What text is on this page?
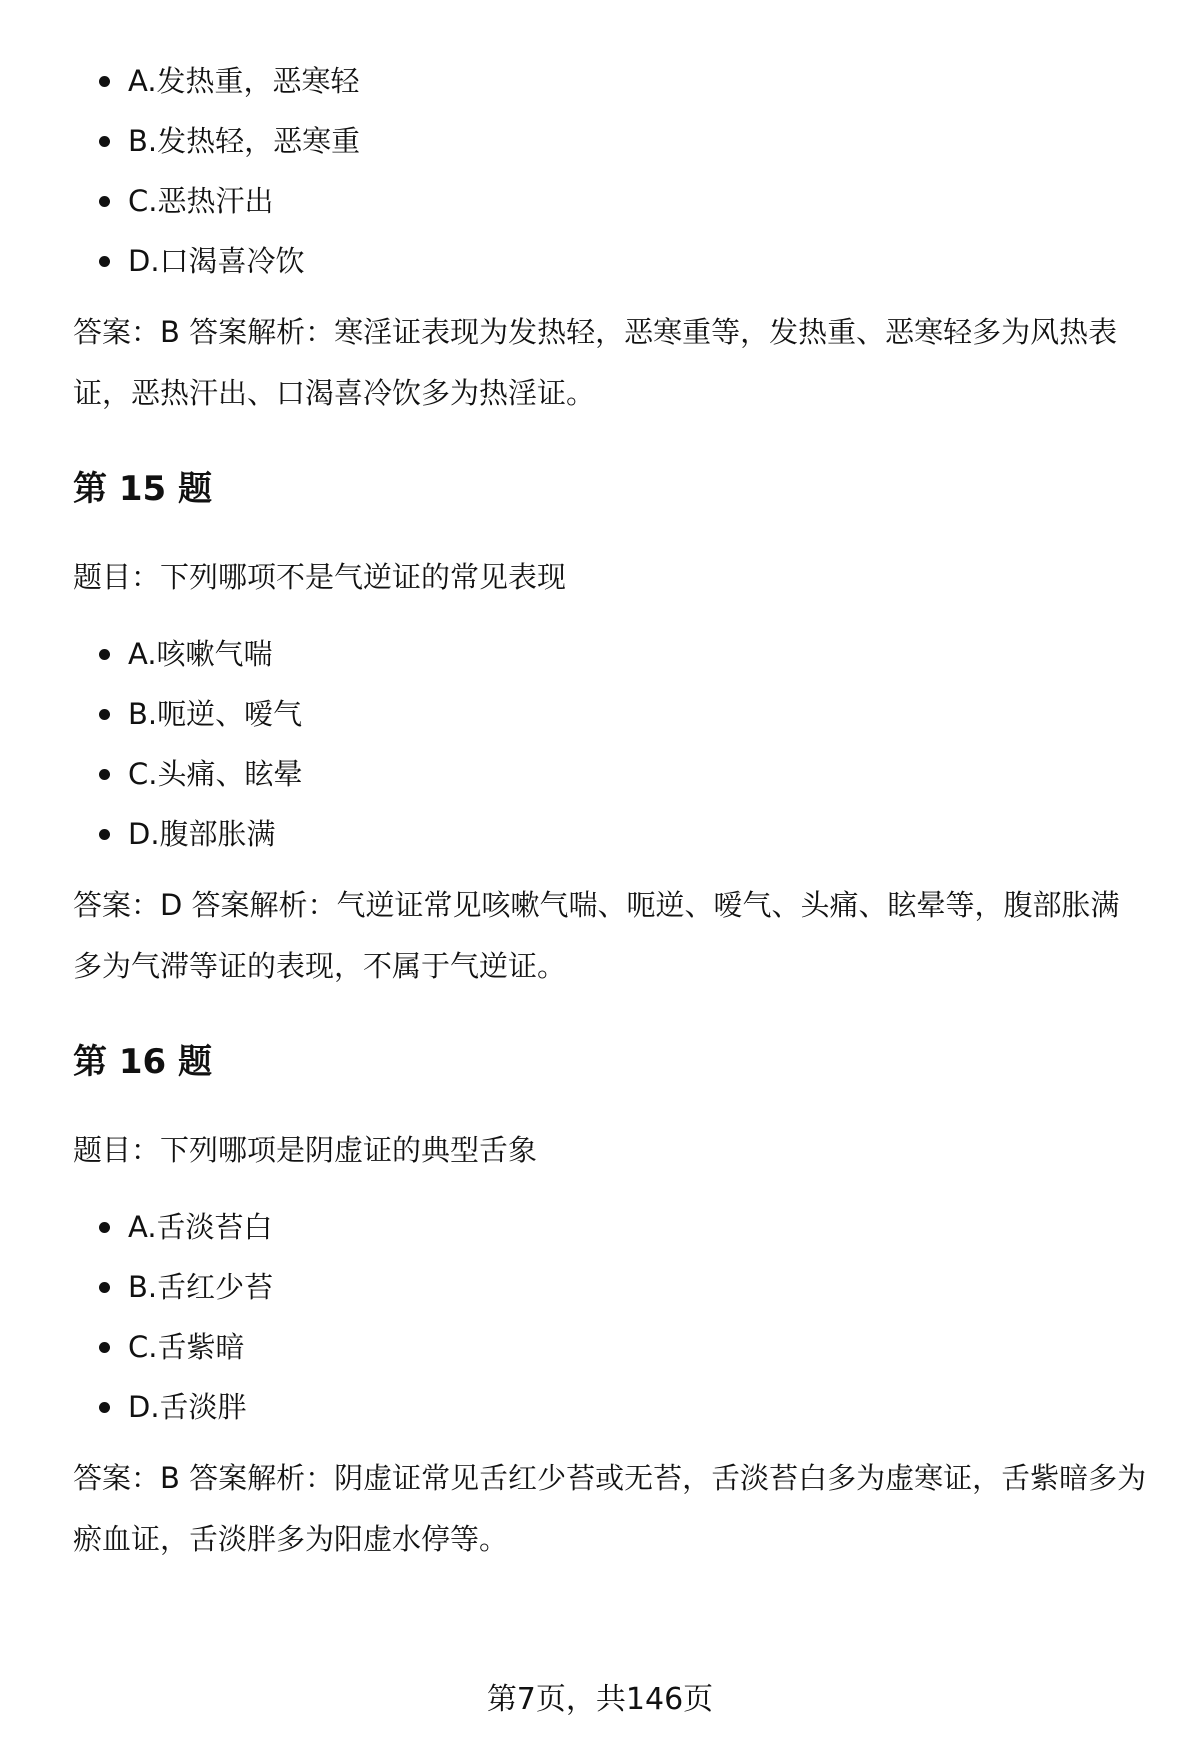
A.发热重，恶寒轻
B.发热轻，恶寒重
C.恶热汗出
D.口渴喜冷饮

答案：B 答案解析：寒淫证表现为发热轻，恶寒重等，发热重、恶寒轻多为风热表证，恶热汗出、口渴喜冷饮多为热淫证。

第 15 题

题目：下列哪项不是气逆证的常见表现

A.咳嗽气喘
B.呃逆、嗳气
C.头痛、眩晕
D.腹部胀满

答案：D 答案解析：气逆证常见咳嗽气喘、呃逆、嗳气、头痛、眩晕等，腹部胀满多为气滞等证的表现，不属于气逆证。

第 16 题

题目：下列哪项是阴虚证的典型舌象

A.舌淡苔白
B.舌红少苔
C.舌紫暗
D.舌淡胖

答案：B 答案解析：阴虚证常见舌红少苔或无苔，舌淡苔白多为虚寒证，舌紫暗多为瘀血证，舌淡胖多为阳虚水停等。

第7页，共146页
